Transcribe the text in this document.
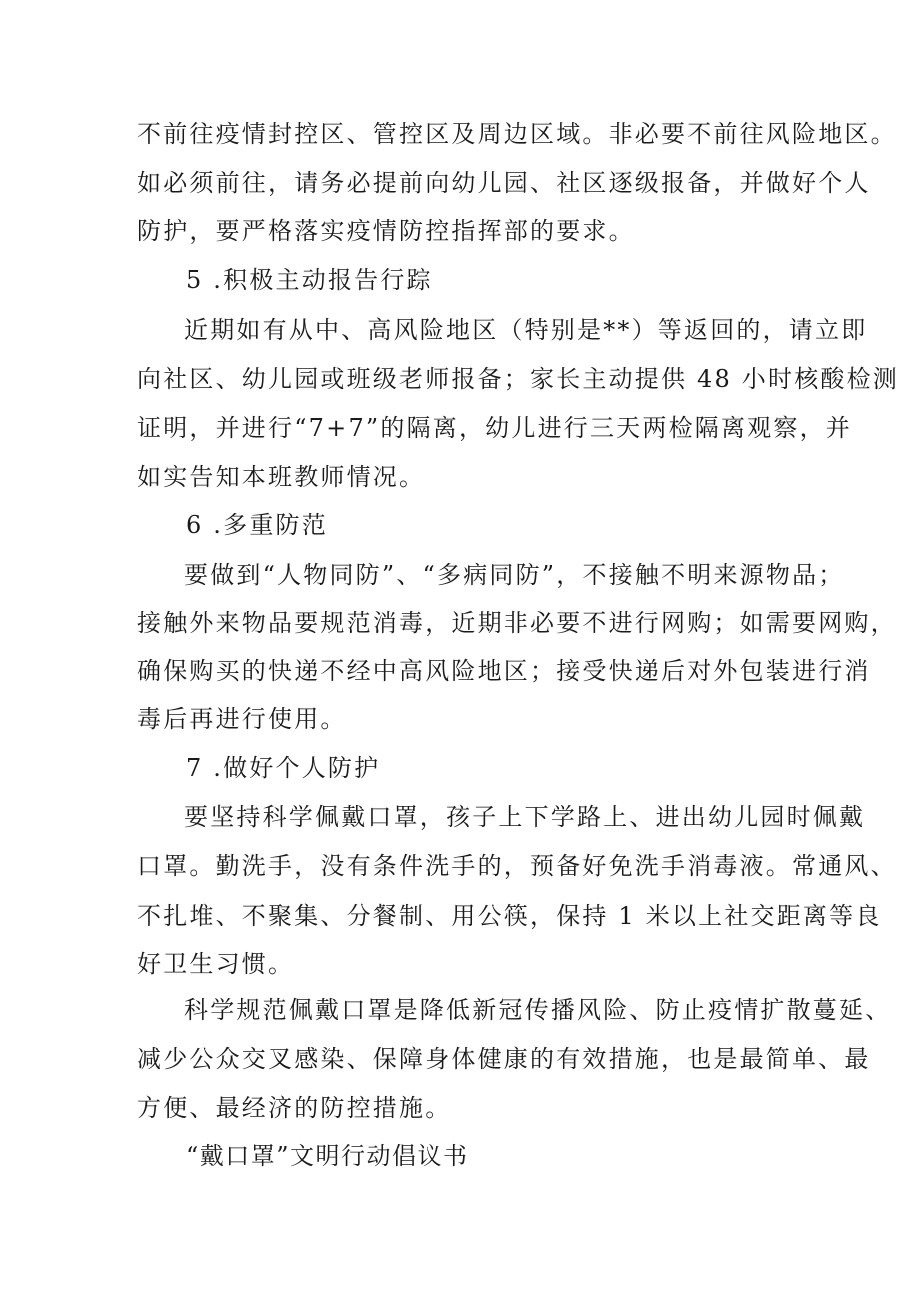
不前往疫情封控区、管控区及周边区域。非必要不前往风险地区。
如必须前往，请务必提前向幼儿园、社区逐级报备，并做好个人
防护，要严格落实疫情防控指挥部的要求。
5 .积极主动报告行踪
近期如有从中、高风险地区（特别是**）等返回的，请立即
向社区、幼儿园或班级老师报备；家长主动提供 48 小时核酸检测
证明，并进行“7+7”的隔离，幼儿进行三天两检隔离观察，并
如实告知本班教师情况。
6 .多重防范
要做到“人物同防”、“多病同防”，不接触不明来源物品；
接触外来物品要规范消毒，近期非必要不进行网购；如需要网购，
确保购买的快递不经中高风险地区；接受快递后对外包装进行消
毒后再进行使用。
7 .做好个人防护
要坚持科学佩戴口罩，孩子上下学路上、进出幼儿园时佩戴
口罩。勤洗手，没有条件洗手的，预备好免洗手消毒液。常通风、
不扎堆、不聚集、分餐制、用公筷，保持 1 米以上社交距离等良
好卫生习惯。
科学规范佩戴口罩是降低新冠传播风险、防止疫情扩散蔓延、
减少公众交叉感染、保障身体健康的有效措施，也是最简单、最
方便、最经济的防控措施。
“戴口罩”文明行动倡议书
